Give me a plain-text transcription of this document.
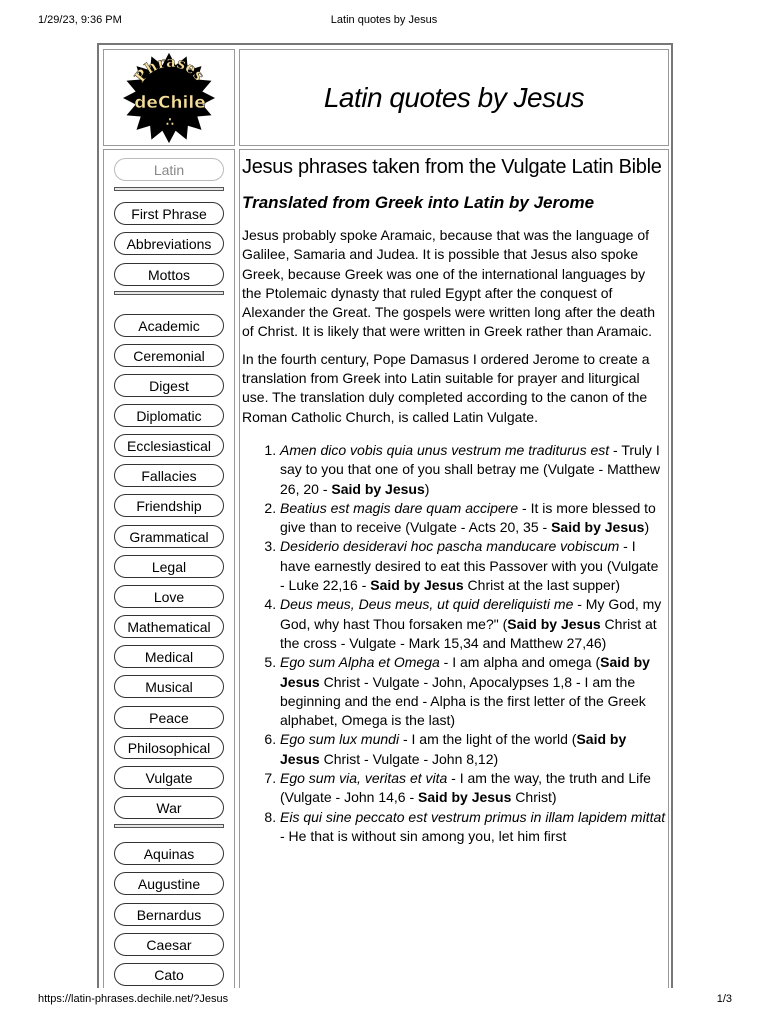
1/29/23, 9:36 PM	Latin quotes by Jesus
Phrases
deChile
∴
Latin quotes by Jesus
Latin
First Phrase
Abbreviations
Mottos
Academic
Ceremonial
Digest
Diplomatic
Ecclesiastical
Fallacies
Friendship
Grammatical
Legal
Love
Mathematical
Medical
Musical
Peace
Philosophical
Vulgate
War
Aquinas
Augustine
Bernardus
Caesar
Cato
Jesus phrases taken from the Vulgate Latin Bible
Translated from Greek into Latin by Jerome

Jesus probably spoke Aramaic, because that was the language of Galilee, Samaria and Judea. It is possible that Jesus also spoke Greek, because Greek was one of the international languages by the Ptolemaic dynasty that ruled Egypt after the conquest of Alexander the Great. The gospels were written long after the death of Christ. It is likely that were written in Greek rather than Aramaic.

In the fourth century, Pope Damasus I ordered Jerome to create a translation from Greek into Latin suitable for prayer and liturgical use. The translation duly completed according to the canon of the Roman Catholic Church, is called Latin Vulgate.

1. Amen dico vobis quia unus vestrum me traditurus est - Truly I say to you that one of you shall betray me (Vulgate - Matthew 26, 20 - Said by Jesus)
2. Beatius est magis dare quam accipere - It is more blessed to give than to receive (Vulgate - Acts 20, 35 - Said by Jesus)
3. Desiderio desideravi hoc pascha manducare vobiscum - I have earnestly desired to eat this Passover with you (Vulgate - Luke 22,16 - Said by Jesus Christ at the last supper)
4. Deus meus, Deus meus, ut quid dereliquisti me - My God, my God, why hast Thou forsaken me?" (Said by Jesus Christ at the cross - Vulgate - Mark 15,34 and Matthew 27,46)
5. Ego sum Alpha et Omega - I am alpha and omega (Said by Jesus Christ - Vulgate - John, Apocalypses 1,8 - I am the beginning and the end - Alpha is the first letter of the Greek alphabet, Omega is the last)
6. Ego sum lux mundi - I am the light of the world (Said by Jesus Christ - Vulgate - John 8,12)
7. Ego sum via, veritas et vita - I am the way, the truth and Life (Vulgate - John 14,6 - Said by Jesus Christ)
8. Eis qui sine peccato est vestrum primus in illam lapidem mittat - He that is without sin among you, let him first
https://latin-phrases.dechile.net/?Jesus	1/3
